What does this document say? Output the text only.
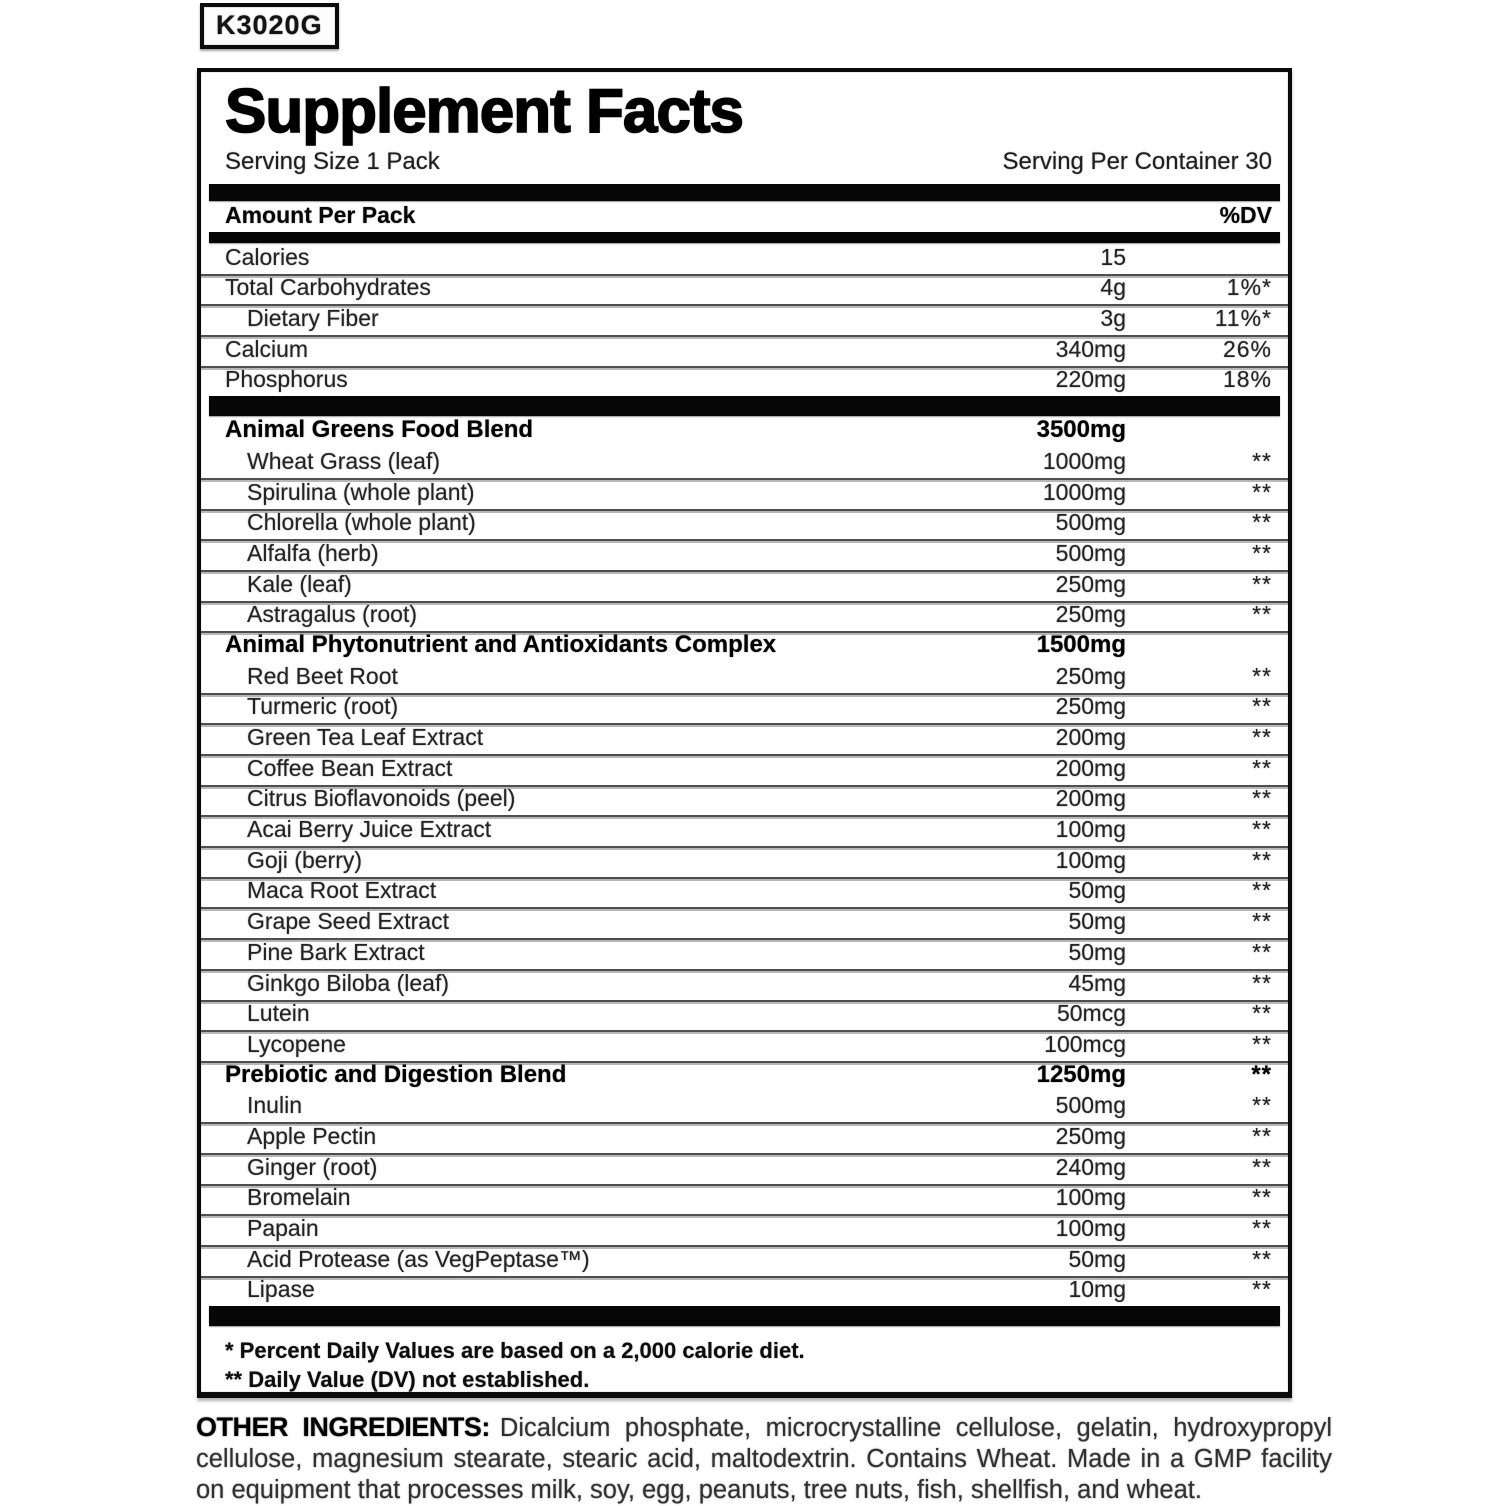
K3020G
Supplement Facts
Serving Size 1 Pack	Serving Per Container 30
Amount Per Pack	%DV
Calories	15
Total Carbohydrates	4g	1%*
Dietary Fiber	3g	11%*
Calcium	340mg	26%
Phosphorus	220mg	18%
Animal Greens Food Blend	3500mg
Wheat Grass (leaf)	1000mg	**
Spirulina (whole plant)	1000mg	**
Chlorella (whole plant)	500mg	**
Alfalfa (herb)	500mg	**
Kale (leaf)	250mg	**
Astragalus (root)	250mg	**
Animal Phytonutrient and Antioxidants Complex	1500mg
Red Beet Root	250mg	**
Turmeric (root)	250mg	**
Green Tea Leaf Extract	200mg	**
Coffee Bean Extract	200mg	**
Citrus Bioflavonoids (peel)	200mg	**
Acai Berry Juice Extract	100mg	**
Goji (berry)	100mg	**
Maca Root Extract	50mg	**
Grape Seed Extract	50mg	**
Pine Bark Extract	50mg	**
Ginkgo Biloba (leaf)	45mg	**
Lutein	50mcg	**
Lycopene	100mcg	**
Prebiotic and Digestion Blend	1250mg	**
Inulin	500mg	**
Apple Pectin	250mg	**
Ginger (root)	240mg	**
Bromelain	100mg	**
Papain	100mg	**
Acid Protease (as VegPeptase™)	50mg	**
Lipase	10mg	**
* Percent Daily Values are based on a 2,000 calorie diet.
** Daily Value (DV) not established.

OTHER INGREDIENTS: Dicalcium phosphate, microcrystalline cellulose, gelatin, hydroxypropyl cellulose, magnesium stearate, stearic acid, maltodextrin. Contains Wheat. Made in a GMP facility on equipment that processes milk, soy, egg, peanuts, tree nuts, fish, shellfish, and wheat.
